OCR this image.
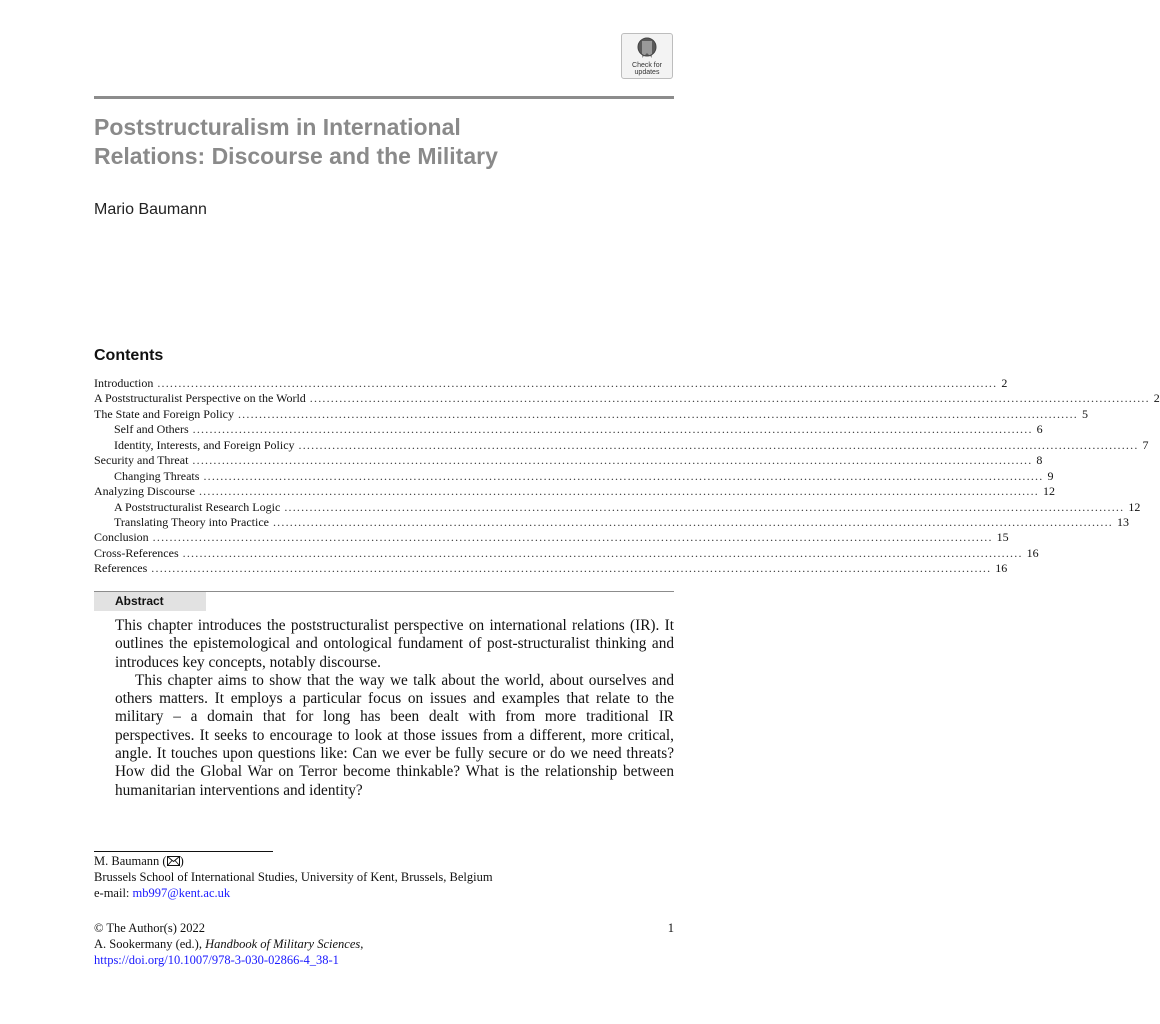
Check for
updates
Poststructuralism in International
Relations: Discourse and the Military
Mario Baumann
Contents
Introduction ........................................................................................................................................................................................................ 2
A Poststructuralist Perspective on the World ........................................................................................................................................................................................................ 2
The State and Foreign Policy ........................................................................................................................................................................................................ 5
Self and Others ........................................................................................................................................................................................................ 6
Identity, Interests, and Foreign Policy ........................................................................................................................................................................................................ 7
Security and Threat ........................................................................................................................................................................................................ 8
Changing Threats ........................................................................................................................................................................................................ 9
Analyzing Discourse ........................................................................................................................................................................................................ 12
A Poststructuralist Research Logic ........................................................................................................................................................................................................ 12
Translating Theory into Practice ........................................................................................................................................................................................................ 13
Conclusion ........................................................................................................................................................................................................ 15
Cross-References ........................................................................................................................................................................................................ 16
References ........................................................................................................................................................................................................ 16
Abstract

This chapter introduces the poststructuralist perspective on international relations (IR). It outlines the epistemological and ontological fundament of post-structuralist thinking and introduces key concepts, notably discourse.

This chapter aims to show that the way we talk about the world, about ourselves and others matters. It employs a particular focus on issues and examples that relate to the military – a domain that for long has been dealt with from more traditional IR perspectives. It seeks to encourage to look at those issues from a different, more critical, angle. It touches upon questions like: Can we ever be fully secure or do we need threats? How did the Global War on Terror become thinkable? What is the relationship between humanitarian interventions and identity?

M. Baumann ( )
Brussels School of International Studies, University of Kent, Brussels, Belgium
e-mail: mb997@kent.ac.uk
© The Author(s) 2022
A. Sookermany (ed.), Handbook of Military Sciences,
https://doi.org/10.1007/978-3-030-02866-4_38-1
1
